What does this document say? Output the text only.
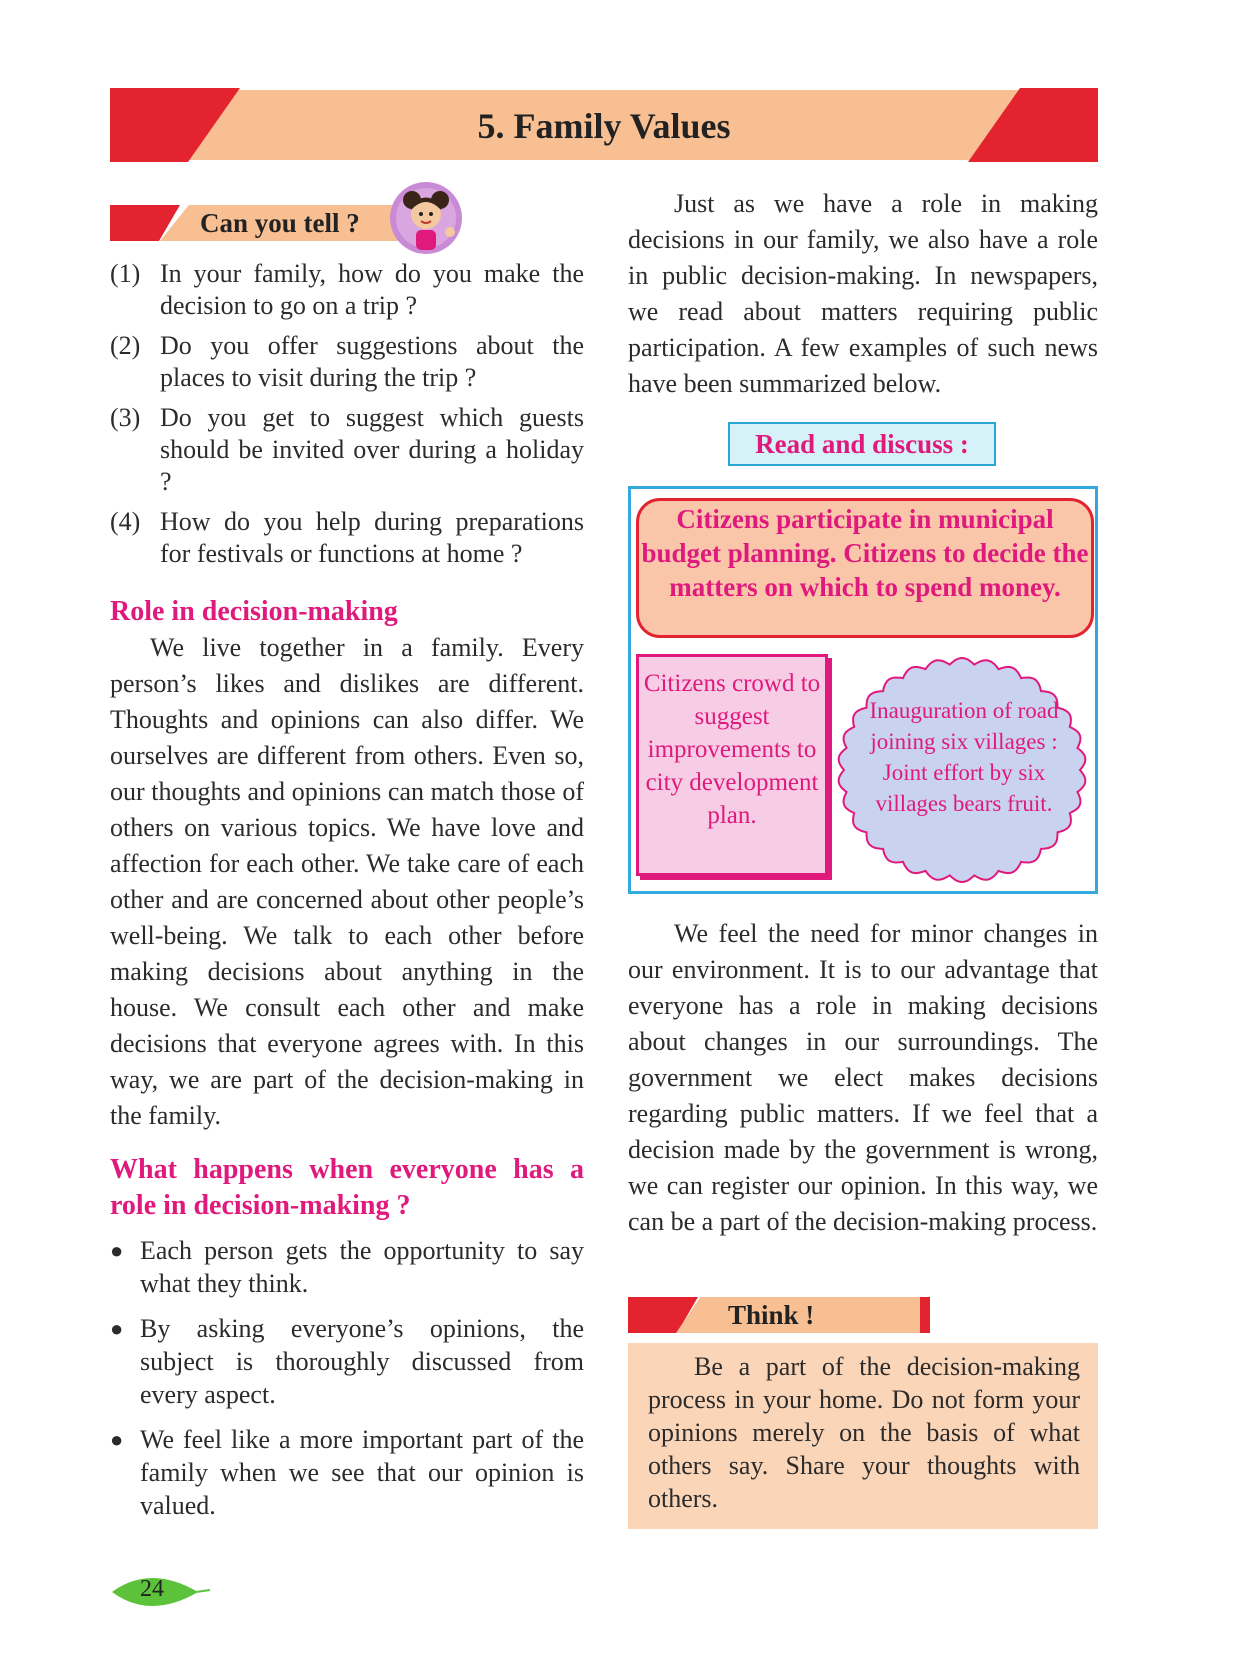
5. Family Values
Can you tell ?
(1) In your family, how do you make the decision to go on a trip ?
(2) Do you offer suggestions about the places to visit during the trip ?
(3) Do you get to suggest which guests should be invited over during a holiday ?
(4) How do you help during preparations for festivals or functions at home ?
Role in decision-making
We live together in a family. Every person’s likes and dislikes are different. Thoughts and opinions can also differ. We ourselves are different from others. Even so, our thoughts and opinions can match those of others on various topics. We have love and affection for each other. We take care of each other and are concerned about other people’s well-being. We talk to each other before making decisions about anything in the house. We consult each other and make decisions that everyone agrees with. In this way, we are part of the decision-making in the family.
What happens when everyone has a role in decision-making ?
● Each person gets the opportunity to say what they think.
● By asking everyone’s opinions, the subject is thoroughly discussed from every aspect.
● We feel like a more important part of the family when we see that our opinion is valued.
Just as we have a role in making decisions in our family, we also have a role in public decision-making. In newspapers, we read about matters requiring public participation. A few examples of such news have been summarized below.
Read and discuss :
Citizens participate in municipal budget planning. Citizens to decide the matters on which to spend money.
Citizens crowd to suggest improvements to city development plan.
Inauguration of road joining six villages : Joint effort by six villages bears fruit.
We feel the need for minor changes in our environment. It is to our advantage that everyone has a role in making decisions about changes in our surroundings. The government we elect makes decisions regarding public matters. If we feel that a decision made by the government is wrong, we can register our opinion. In this way, we can be a part of the decision-making process.
Think !
Be a part of the decision-making process in your home. Do not form your opinions merely on the basis of what others say. Share your thoughts with others.
24
